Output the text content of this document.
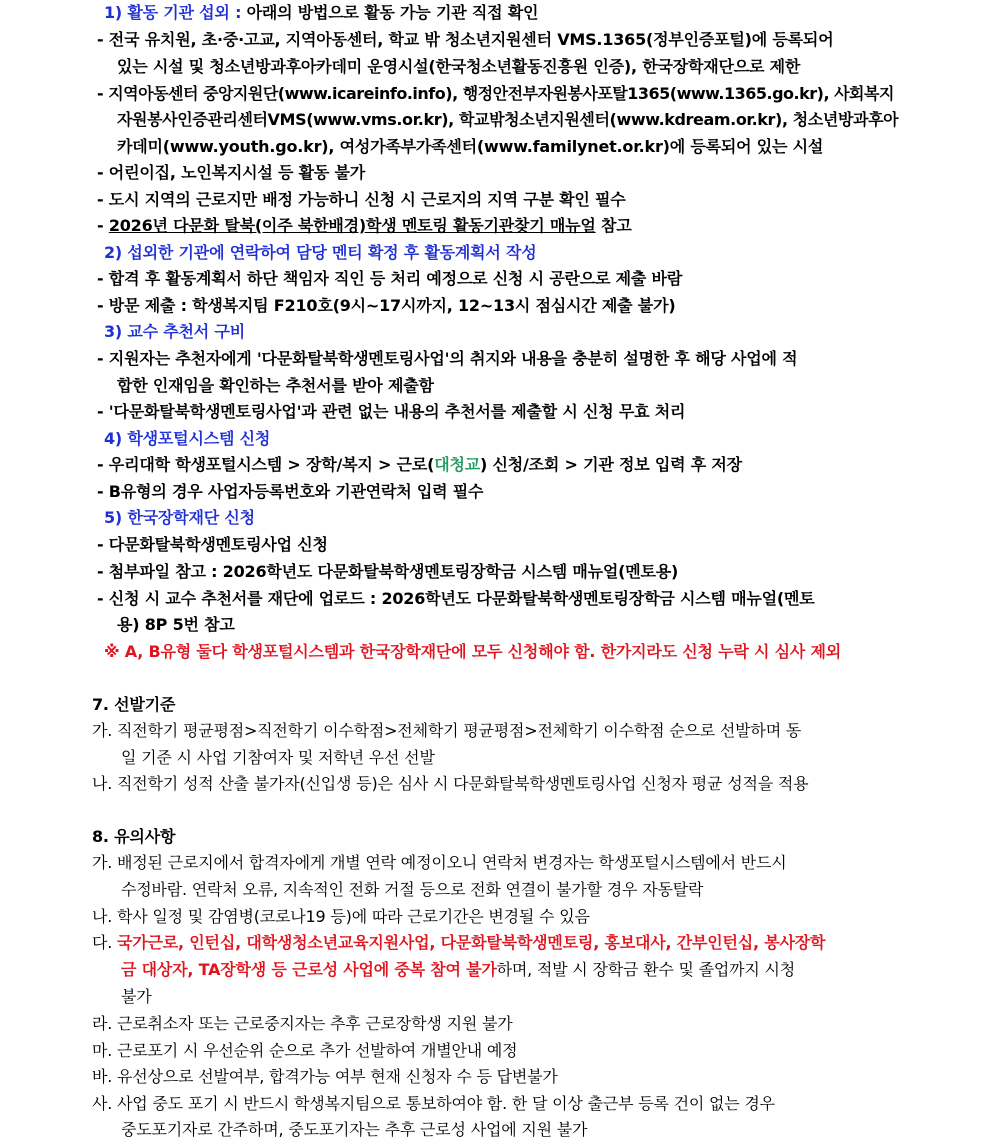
1) 활동 기관 섭외 : 아래의 방법으로 활동 가능 기관 직접 확인
- 전국 유치원, 초·중·고교, 지역아동센터, 학교 밖 청소년지원센터 VMS.1365(정부인증포털)에 등록되어
있는 시설 및 청소년방과후아카데미 운영시설(한국청소년활동진흥원 인증), 한국장학재단으로 제한
- 지역아동센터 중앙지원단(www.icareinfo.info), 행정안전부자원봉사포탈1365(www.1365.go.kr), 사회복지
자원봉사인증관리센터VMS(www.vms.or.kr), 학교밖청소년지원센터(www.kdream.or.kr), 청소년방과후아
카데미(www.youth.go.kr), 여성가족부가족센터(www.familynet.or.kr)에 등록되어 있는 시설
- 어린이집, 노인복지시설 등 활동 불가
- 도시 지역의 근로지만 배정 가능하니 신청 시 근로지의 지역 구분 확인 필수
- 2026년 다문화 탈북(이주 북한배경)학생 멘토링 활동기관찾기 매뉴얼 참고
2) 섭외한 기관에 연락하여 담당 멘티 확정 후 활동계획서 작성
- 합격 후 활동계획서 하단 책임자 직인 등 처리 예정으로 신청 시 공란으로 제출 바람
- 방문 제출 : 학생복지팀 F210호(9시~17시까지, 12~13시 점심시간 제출 불가)
3) 교수 추천서 구비
- 지원자는 추천자에게 '다문화탈북학생멘토링사업'의 취지와 내용을 충분히 설명한 후 해당 사업에 적
합한 인재임을 확인하는 추천서를 받아 제출함
- '다문화탈북학생멘토링사업'과 관련 없는 내용의 추천서를 제출할 시 신청 무효 처리
4) 학생포털시스템 신청
- 우리대학 학생포털시스템 > 장학/복지 > 근로(대청교) 신청/조회 > 기관 정보 입력 후 저장
- B유형의 경우 사업자등록번호와 기관연락처 입력 필수
5) 한국장학재단 신청
- 다문화탈북학생멘토링사업 신청
- 첨부파일 참고 : 2026학년도 다문화탈북학생멘토링장학금 시스템 매뉴얼(멘토용)
- 신청 시 교수 추천서를 재단에 업로드 : 2026학년도 다문화탈북학생멘토링장학금 시스템 매뉴얼(멘토
용) 8P 5번 참고
※ A, B유형 둘다 학생포털시스템과 한국장학재단에 모두 신청해야 함. 한가지라도 신청 누락 시 심사 제외
7. 선발기준
가. 직전학기 평균평점>직전학기 이수학점>전체학기 평균평점>전체학기 이수학점 순으로 선발하며 동
일 기준 시 사업 기참여자 및 저학년 우선 선발
나. 직전학기 성적 산출 불가자(신입생 등)은 심사 시 다문화탈북학생멘토링사업 신청자 평균 성적을 적용
8. 유의사항
가. 배정된 근로지에서 합격자에게 개별 연락 예정이오니 연락처 변경자는 학생포털시스템에서 반드시
수정바람. 연락처 오류, 지속적인 전화 거절 등으로 전화 연결이 불가할 경우 자동탈락
나. 학사 일정 및 감염병(코로나19 등)에 따라 근로기간은 변경될 수 있음
다. 국가근로, 인턴십, 대학생청소년교육지원사업, 다문화탈북학생멘토링, 홍보대사, 간부인턴십, 봉사장학
금 대상자, TA장학생 등 근로성 사업에 중복 참여 불가하며, 적발 시 장학금 환수 및 졸업까지 시청
불가
라. 근로취소자 또는 근로중지자는 추후 근로장학생 지원 불가
마. 근로포기 시 우선순위 순으로 추가 선발하여 개별안내 예정
바. 유선상으로 선발여부, 합격가능 여부 현재 신청자 수 등 답변불가
사. 사업 중도 포기 시 반드시 학생복지팀으로 통보하여야 함. 한 달 이상 출근부 등록 건이 없는 경우
중도포기자로 간주하며, 중도포기자는 추후 근로성 사업에 지원 불가
